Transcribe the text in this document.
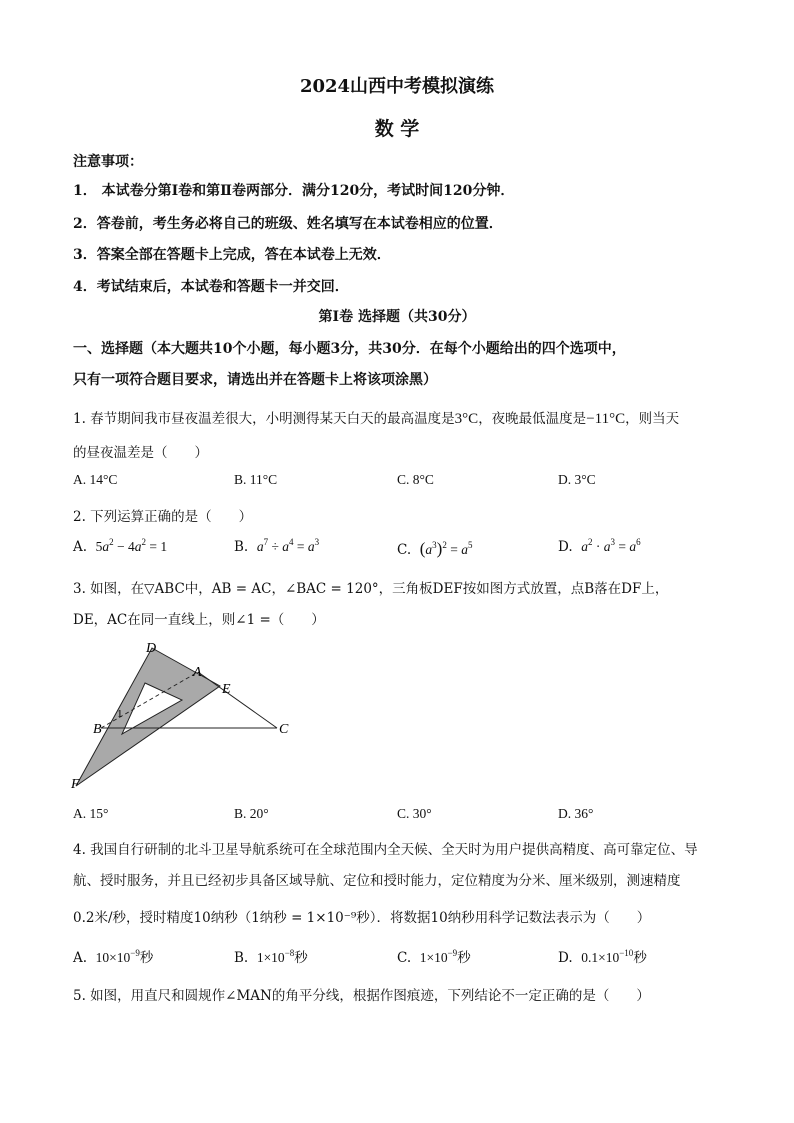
2024山西中考模拟演练
数 学
注意事项：
1． 本试卷分第Ⅰ卷和第Ⅱ卷两部分．满分120分，考试时间120分钟．
2．答卷前，考生务必将自己的班级、姓名填写在本试卷相应的位置．
3．答案全部在答题卡上完成，答在本试卷上无效．
4．考试结束后，本试卷和答题卡一并交回．
第Ⅰ卷 选择题（共30分）
一、选择题（本大题共10个小题，每小题3分，共30分．在每个小题给出的四个选项中，
只有一项符合题目要求，请选出并在答题卡上将该项涂黑）
1. 春节期间我市昼夜温差很大，小明测得某天白天的最高温度是3°C，夜晚最低温度是−11°C，则当天
的昼夜温差是（　　）
A. 14°C	B. 11°C	C. 8°C	D. 3°C
2. 下列运算正确的是（　　）
A. $5a^2 - 4a^2 = 1$	B. $a^7 \div a^4 = a^3$	C. $(a^3)^2 = a^5$	D. $a^2 \cdot a^3 = a^6$
3. 如图，在▽ABC中，AB = AC，∠BAC = 120°，三角板DEF按如图方式放置，点B落在DF上，
DE，AC在同一直线上，则∠1 =（　　）
D
A
E
B	C
F
1
A. 15°	B. 20°	C. 30°	D. 36°
4. 我国自行研制的北斗卫星导航系统可在全球范围内全天候、全天时为用户提供高精度、高可靠定位、导
航、授时服务，并且已经初步具备区域导航、定位和授时能力，定位精度为分米、厘米级别，测速精度
0.2米/秒，授时精度10纳秒（1纳秒 = 1×10⁻⁹秒）．将数据10纳秒用科学记数法表示为（　　）
A. $10\times 10^{-9}$秒	B. $1\times 10^{-8}$秒	C. $1\times 10^{-9}$秒	D. $0.1\times 10^{-10}$秒
5. 如图，用直尺和圆规作∠MAN的角平分线，根据作图痕迹，下列结论不一定正确的是（　　）
